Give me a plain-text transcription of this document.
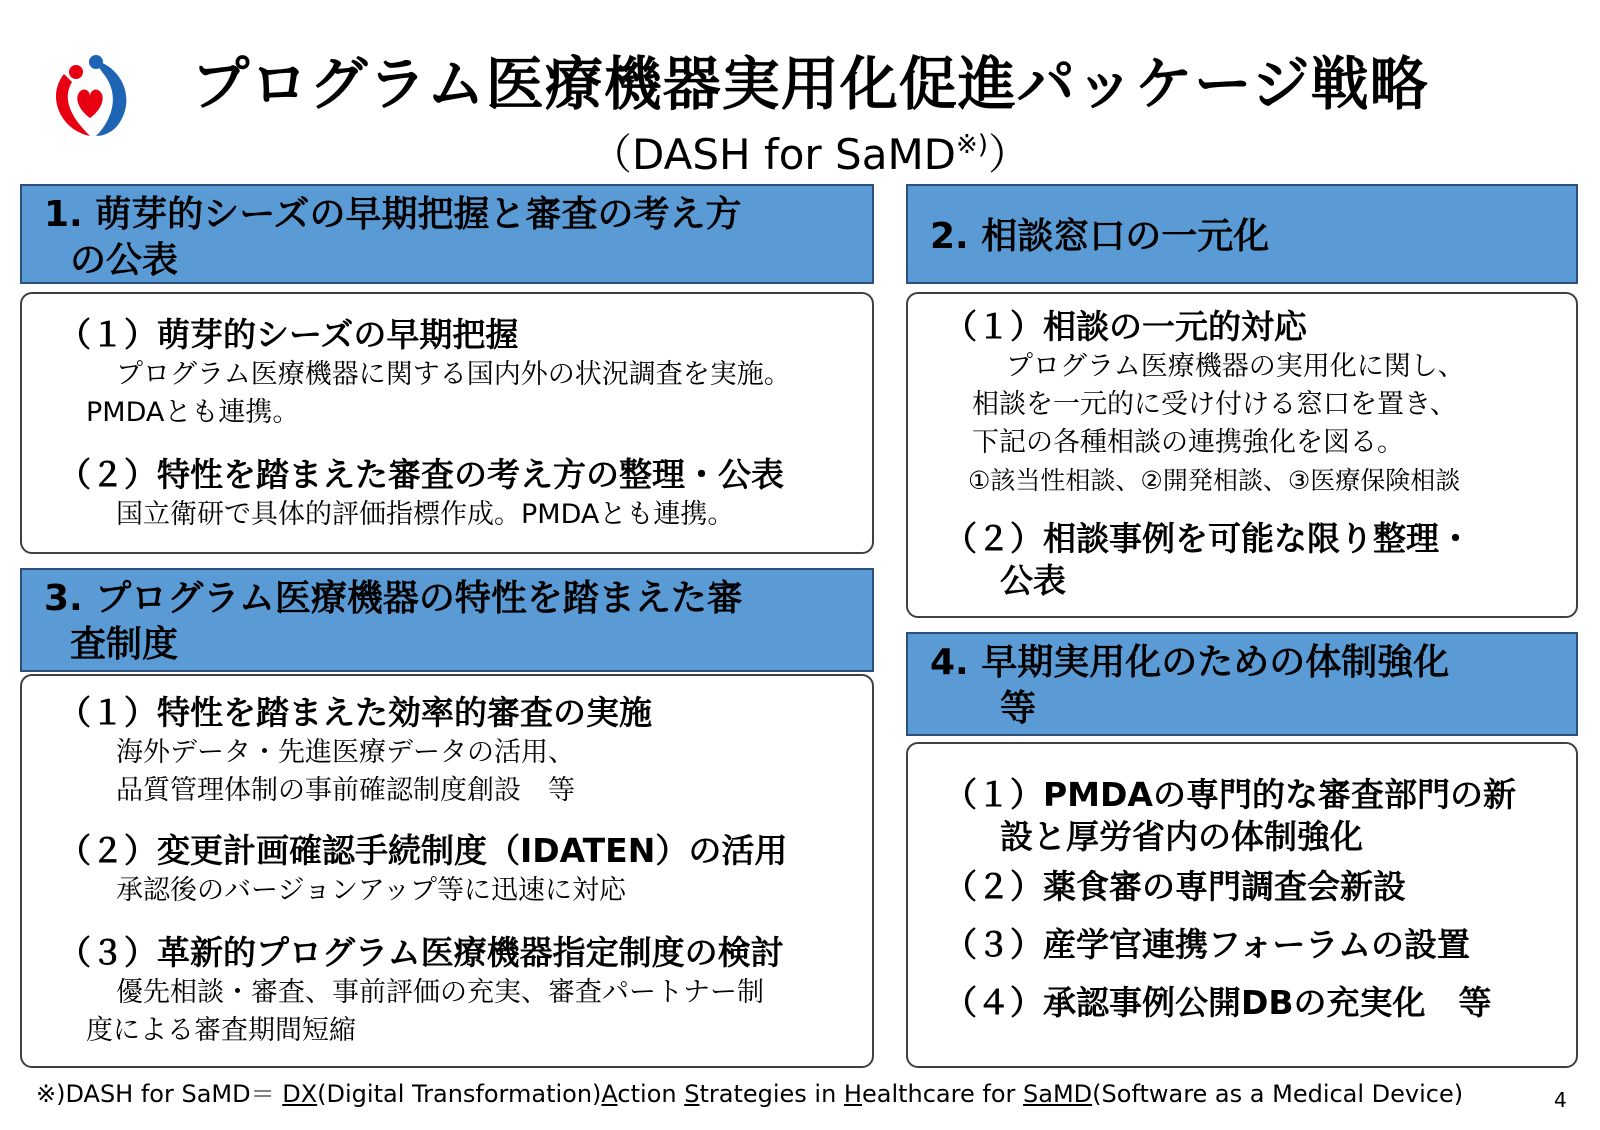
プログラム医療機器実用化促進パッケージ戦略
（DASH for SaMD※)）
1. 萌芽的シーズの早期把握と審査の考え方
の公表
（１）萌芽的シーズの早期把握
プログラム医療機器に関する国内外の状況調査を実施。
PMDAとも連携。
（２）特性を踏まえた審査の考え方の整理・公表
国立衛研で具体的評価指標作成。PMDAとも連携。
2. 相談窓口の一元化
（１）相談の一元的対応
プログラム医療機器の実用化に関し、
相談を一元的に受け付ける窓口を置き、
下記の各種相談の連携強化を図る。
①該当性相談、②開発相談、③医療保険相談
（２）相談事例を可能な限り整理・
公表
3. プログラム医療機器の特性を踏まえた審
査制度
（１）特性を踏まえた効率的審査の実施
海外データ・先進医療データの活用、
品質管理体制の事前確認制度創設　等
（２）変更計画確認手続制度（IDATEN）の活用
承認後のバージョンアップ等に迅速に対応
（３）革新的プログラム医療機器指定制度の検討
優先相談・審査、事前評価の充実、審査パートナー制
度による審査期間短縮
4. 早期実用化のための体制強化
等
（１）PMDAの専門的な審査部門の新
設と厚労省内の体制強化
（２）薬食審の専門調査会新設
（３）産学官連携フォーラムの設置
（４）承認事例公開DBの充実化　等
※)DASH for SaMD＝ DX(Digital Transformation)Action Strategies in Healthcare for SaMD(Software as a Medical Device)	4
